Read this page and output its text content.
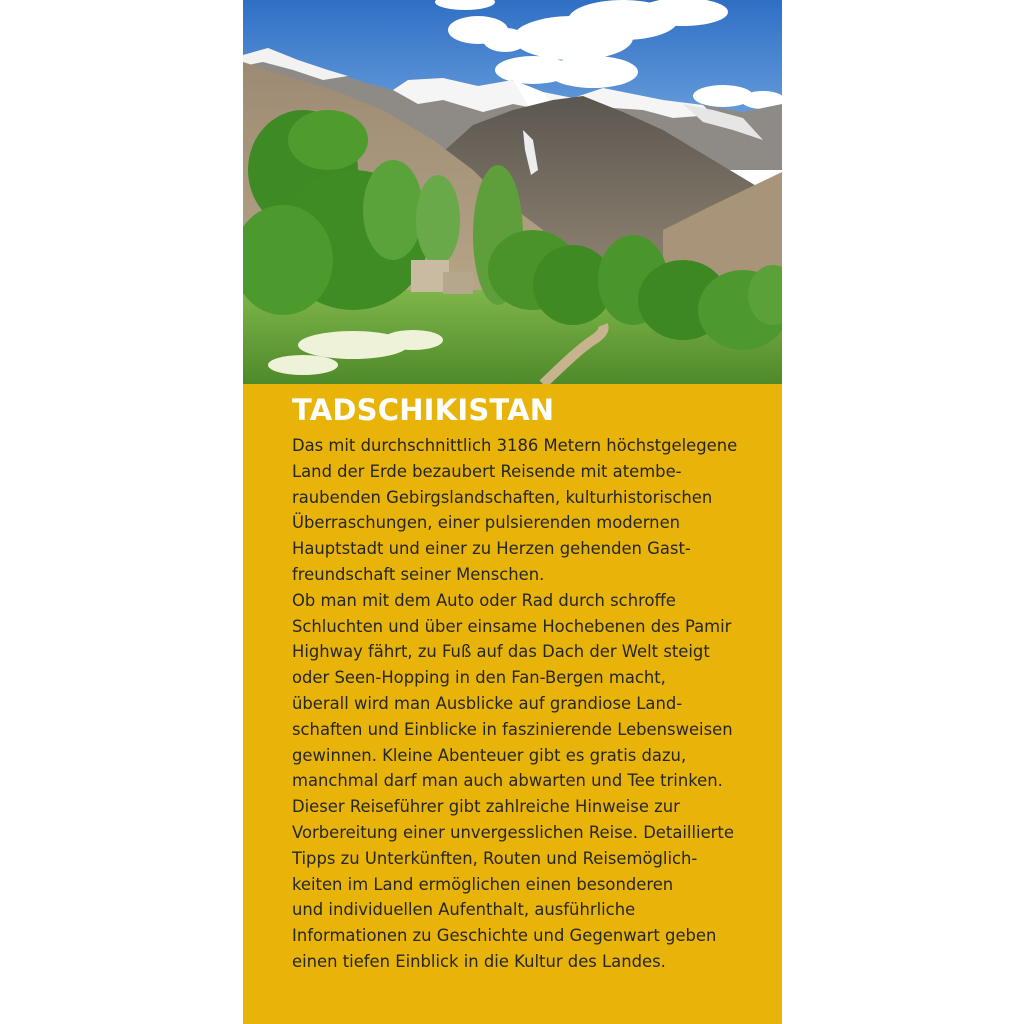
TADSCHIKISTAN
Das mit durchschnittlich 3186 Metern höchstgelegene
Land der Erde bezaubert Reisende mit atembe-
raubenden Gebirgslandschaften, kulturhistorischen
Überraschungen, einer pulsierenden modernen
Hauptstadt und einer zu Herzen gehenden Gast-
freundschaft seiner Menschen.
Ob man mit dem Auto oder Rad durch schroffe
Schluchten und über einsame Hochebenen des Pamir
Highway fährt, zu Fuß auf das Dach der Welt steigt
oder Seen-Hopping in den Fan-Bergen macht,
überall wird man Ausblicke auf grandiose Land-
schaften und Einblicke in faszinierende Lebensweisen
gewinnen. Kleine Abenteuer gibt es gratis dazu,
manchmal darf man auch abwarten und Tee trinken.
Dieser Reiseführer gibt zahlreiche Hinweise zur
Vorbereitung einer unvergesslichen Reise. Detaillierte
Tipps zu Unterkünften, Routen und Reisemöglich-
keiten im Land ermöglichen einen besonderen
und individuellen Aufenthalt, ausführliche
Informationen zu Geschichte und Gegenwart geben
einen tiefen Einblick in die Kultur des Landes.
